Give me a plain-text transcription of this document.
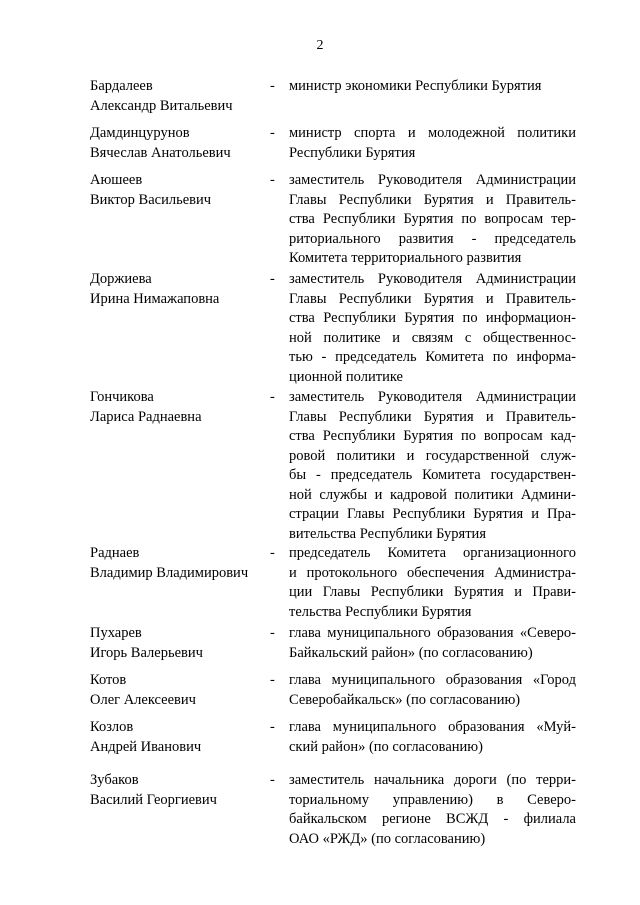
2
Бардалеев
Александр Витальевич
- министр экономики Республики Бурятия
Дамдинцурунов
Вячеслав Анатольевич
- министр спорта и молодежной политики
Республики Бурятия
Аюшеев
Виктор Васильевич
- заместитель Руководителя Администрации
Главы Республики Бурятия и Правитель-
ства Республики Бурятия по вопросам тер-
риториального развития - председатель
Комитета территориального развития
Доржиева
Ирина Нимажаповна
- заместитель Руководителя Администрации
Главы Республики Бурятия и Правитель-
ства Республики Бурятия по информацион-
ной политике и связям с общественнос-
тью - председатель Комитета по информа-
ционной политике
Гончикова
Лариса Раднаевна
- заместитель Руководителя Администрации
Главы Республики Бурятия и Правитель-
ства Республики Бурятия по вопросам кад-
ровой политики и государственной служ-
бы - председатель Комитета государствен-
ной службы и кадровой политики Админи-
страции Главы Республики Бурятия и Пра-
вительства Республики Бурятия
Раднаев
Владимир Владимирович
- председатель Комитета организационного
и протокольного обеспечения Администра-
ции Главы Республики Бурятия и Прави-
тельства Республики Бурятия
Пухарев
Игорь Валерьевич
- глава муниципального образования «Северо-
Байкальский район» (по согласованию)
Котов
Олег Алексеевич
- глава муниципального образования «Город
Северобайкальск» (по согласованию)
Козлов
Андрей Иванович
- глава муниципального образования «Муй-
ский район» (по согласованию)
Зубаков
Василий Георгиевич
- заместитель начальника дороги (по терри-
ториальному управлению) в Северо-
байкальском регионе ВСЖД - филиала
ОАО «РЖД» (по согласованию)
